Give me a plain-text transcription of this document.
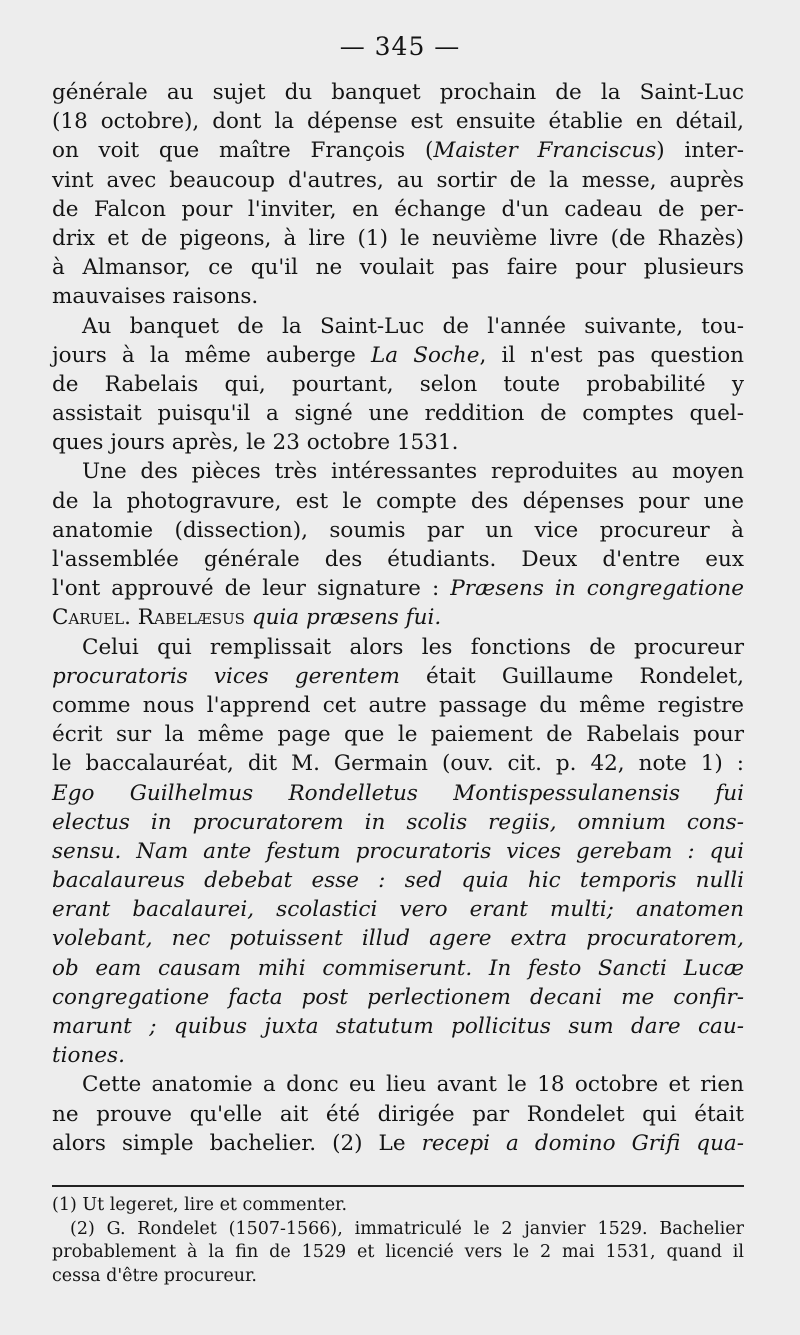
— 345 —
générale au sujet du banquet prochain de la Saint-Luc
(18 octobre), dont la dépense est ensuite établie en détail,
on voit que maître François (Maister Franciscus) inter-
vint avec beaucoup d'autres, au sortir de la messe, auprès
de Falcon pour l'inviter, en échange d'un cadeau de per-
drix et de pigeons, à lire (1) le neuvième livre (de Rhazès)
à Almansor, ce qu'il ne voulait pas faire pour plusieurs
mauvaises raisons.
Au banquet de la Saint-Luc de l'année suivante, tou-
jours à la même auberge La Soche, il n'est pas question
de Rabelais qui, pourtant, selon toute probabilité y
assistait puisqu'il a signé une reddition de comptes quel-
ques jours après, le 23 octobre 1531.
Une des pièces très intéressantes reproduites au moyen
de la photogravure, est le compte des dépenses pour une
anatomie (dissection), soumis par un vice procureur à
l'assemblée générale des étudiants. Deux d'entre eux
l'ont approuvé de leur signature : Præsens in congregatione
Caruel. Rabelæsus quia præsens fui.
Celui qui remplissait alors les fonctions de procureur
procuratoris vices gerentem était Guillaume Rondelet,
comme nous l'apprend cet autre passage du même registre
écrit sur la même page que le paiement de Rabelais pour
le baccalauréat, dit M. Germain (ouv. cit. p. 42, note 1) :
Ego Guilhelmus Rondelletus Montispessulanensis fui
electus in procuratorem in scolis regiis, omnium cons-
sensu. Nam ante festum procuratoris vices gerebam : qui
bacalaureus debebat esse : sed quia hic temporis nulli
erant bacalaurei, scolastici vero erant multi; anatomen
volebant, nec potuissent illud agere extra procuratorem,
ob eam causam mihi commiserunt. In festo Sancti Lucæ
congregatione facta post perlectionem decani me confir-
marunt ; quibus juxta statutum pollicitus sum dare cau-
tiones.
Cette anatomie a donc eu lieu avant le 18 octobre et rien
ne prouve qu'elle ait été dirigée par Rondelet qui était
alors simple bachelier. (2) Le recepi a domino Grifi qua-
(1) Ut legeret, lire et commenter.
(2) G. Rondelet (1507-1566), immatriculé le 2 janvier 1529. Bachelier
probablement à la fin de 1529 et licencié vers le 2 mai 1531, quand il
cessa d'être procureur.
